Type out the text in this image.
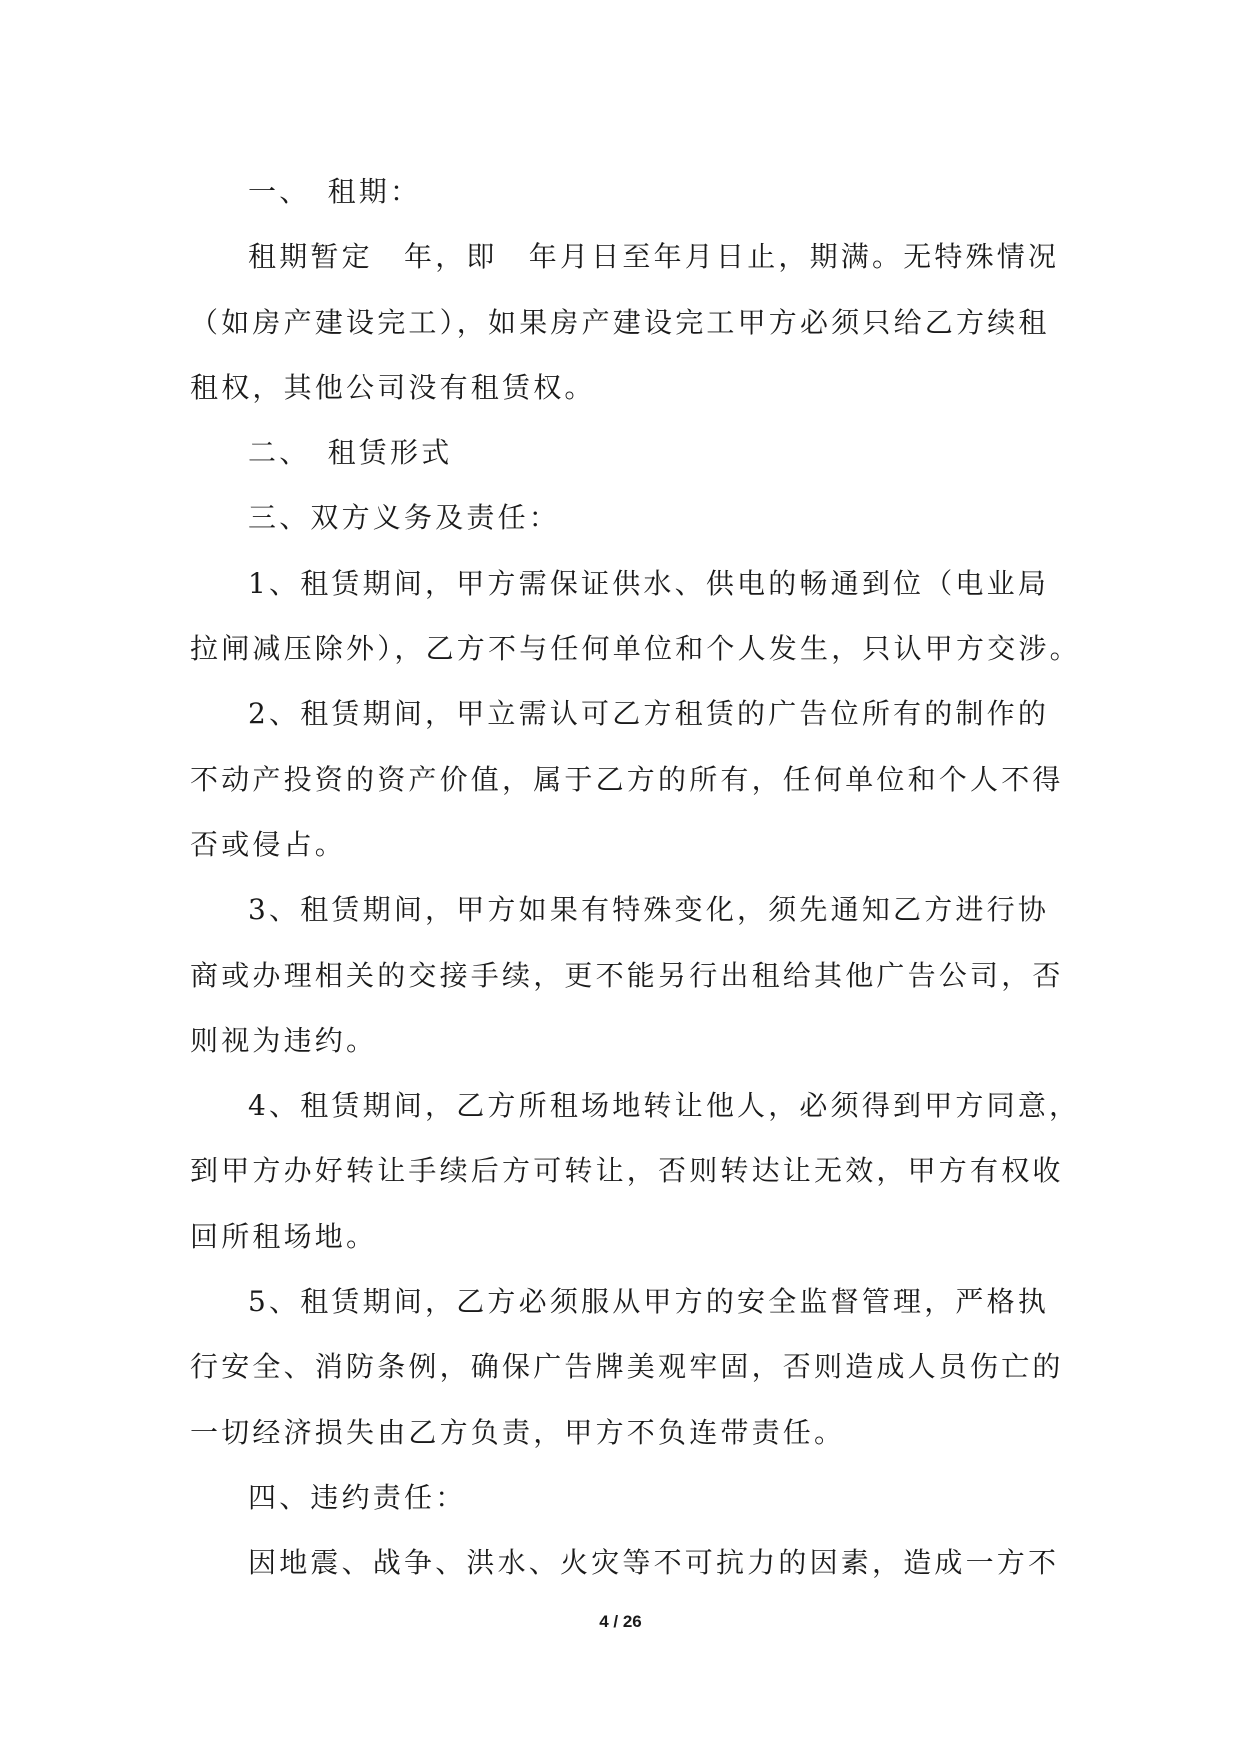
一、　租期：
租期暂定　年，即　年月日至年月日止，期满。无特殊情况
（如房产建设完工），如果房产建设完工甲方必须只给乙方续租
租权，其他公司没有租赁权。
二、　租赁形式
三、双方义务及责任：
1、租赁期间，甲方需保证供水、供电的畅通到位（电业局
拉闸减压除外），乙方不与任何单位和个人发生，只认甲方交涉。
2、租赁期间，甲立需认可乙方租赁的广告位所有的制作的
不动产投资的资产价值，属于乙方的所有，任何单位和个人不得
否或侵占。
3、租赁期间，甲方如果有特殊变化，须先通知乙方进行协
商或办理相关的交接手续，更不能另行出租给其他广告公司，否
则视为违约。
4、租赁期间，乙方所租场地转让他人，必须得到甲方同意，
到甲方办好转让手续后方可转让，否则转达让无效，甲方有权收
回所租场地。
5、租赁期间，乙方必须服从甲方的安全监督管理，严格执
行安全、消防条例，确保广告牌美观牢固，否则造成人员伤亡的
一切经济损失由乙方负责，甲方不负连带责任。
四、违约责任：
因地震、战争、洪水、火灾等不可抗力的因素，造成一方不
4 / 26
